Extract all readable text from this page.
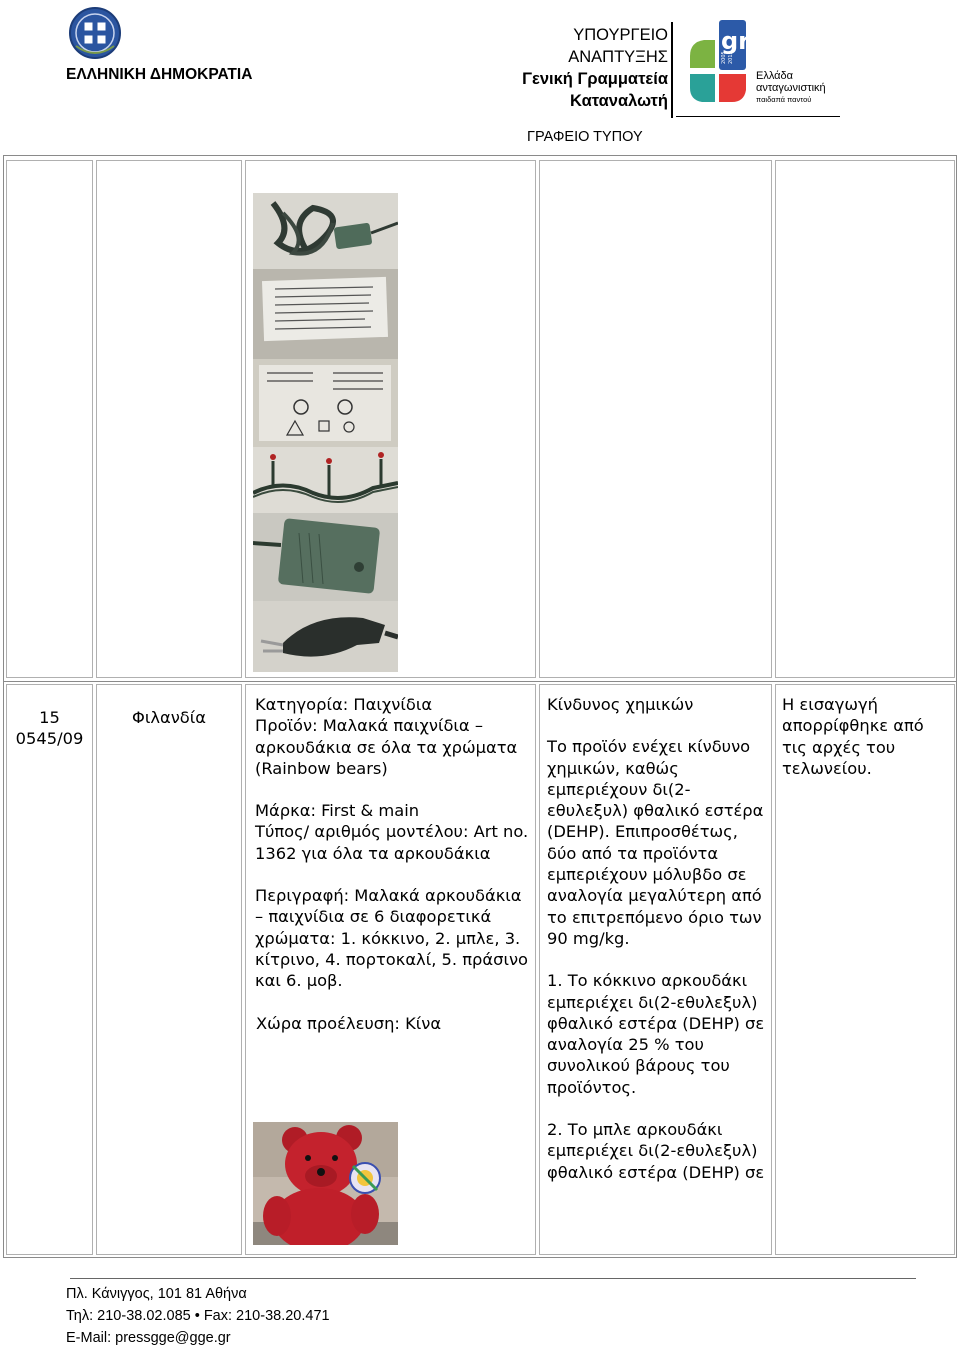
ΕΛΛΗΝΙΚΗ ΔΗΜΟΚΡΑΤΙΑ
ΥΠΟΥΡΓΕΙΟ
ΑΝΑΠΤΥΞΗΣ
Γενική Γραμματεία
Καταναλωτή
gr
2005 2015
Ελλάδα
ανταγωνιστική
παιδαπά παντού
ΓΡΑΦΕΙΟ ΤΥΠΟΥ
15
0545/09
Φιλανδία
Κατηγορία: Παιχνίδια
Προϊόν: Μαλακά παιχνίδια – αρκουδάκια σε όλα τα χρώματα (Rainbow bears)
Μάρκα: First & main
Τύπος/ αριθμός μοντέλου: Art no. 1362 για όλα τα αρκουδάκια
Περιγραφή: Μαλακά αρκουδάκια – παιχνίδια σε 6 διαφορετικά χρώματα: 1. κόκκινο, 2. μπλε, 3. κίτρινο, 4. πορτοκαλί, 5. πράσινο και 6. μοβ.
Χώρα προέλευση: Κίνα
Κίνδυνος χημικών
Το προϊόν ενέχει κίνδυνο χημικών, καθώς εμπεριέχουν δι(2-εθυλεξυλ) φθαλικό εστέρα (DEHP). Επιπροσθέτως, δύο από τα προϊόντα εμπεριέχουν μόλυβδο σε αναλογία μεγαλύτερη από το επιτρεπόμενο όριο των 90 mg/kg.
1. Το κόκκινο αρκουδάκι εμπεριέχει δι(2-εθυλεξυλ) φθαλικό εστέρα (DEHP) σε αναλογία 25 % του συνολικού βάρους του προϊόντος.
2. Το μπλε αρκουδάκι εμπεριέχει δι(2-εθυλεξυλ) φθαλικό εστέρα (DEHP) σε
Η εισαγωγή απορρίφθηκε από τις αρχές του τελωνείου.
Πλ. Κάνιγγος, 101 81 Αθήνα
Τηλ: 210-38.02.085 • Fax: 210-38.20.471
E-Mail: pressgge@gge.gr
